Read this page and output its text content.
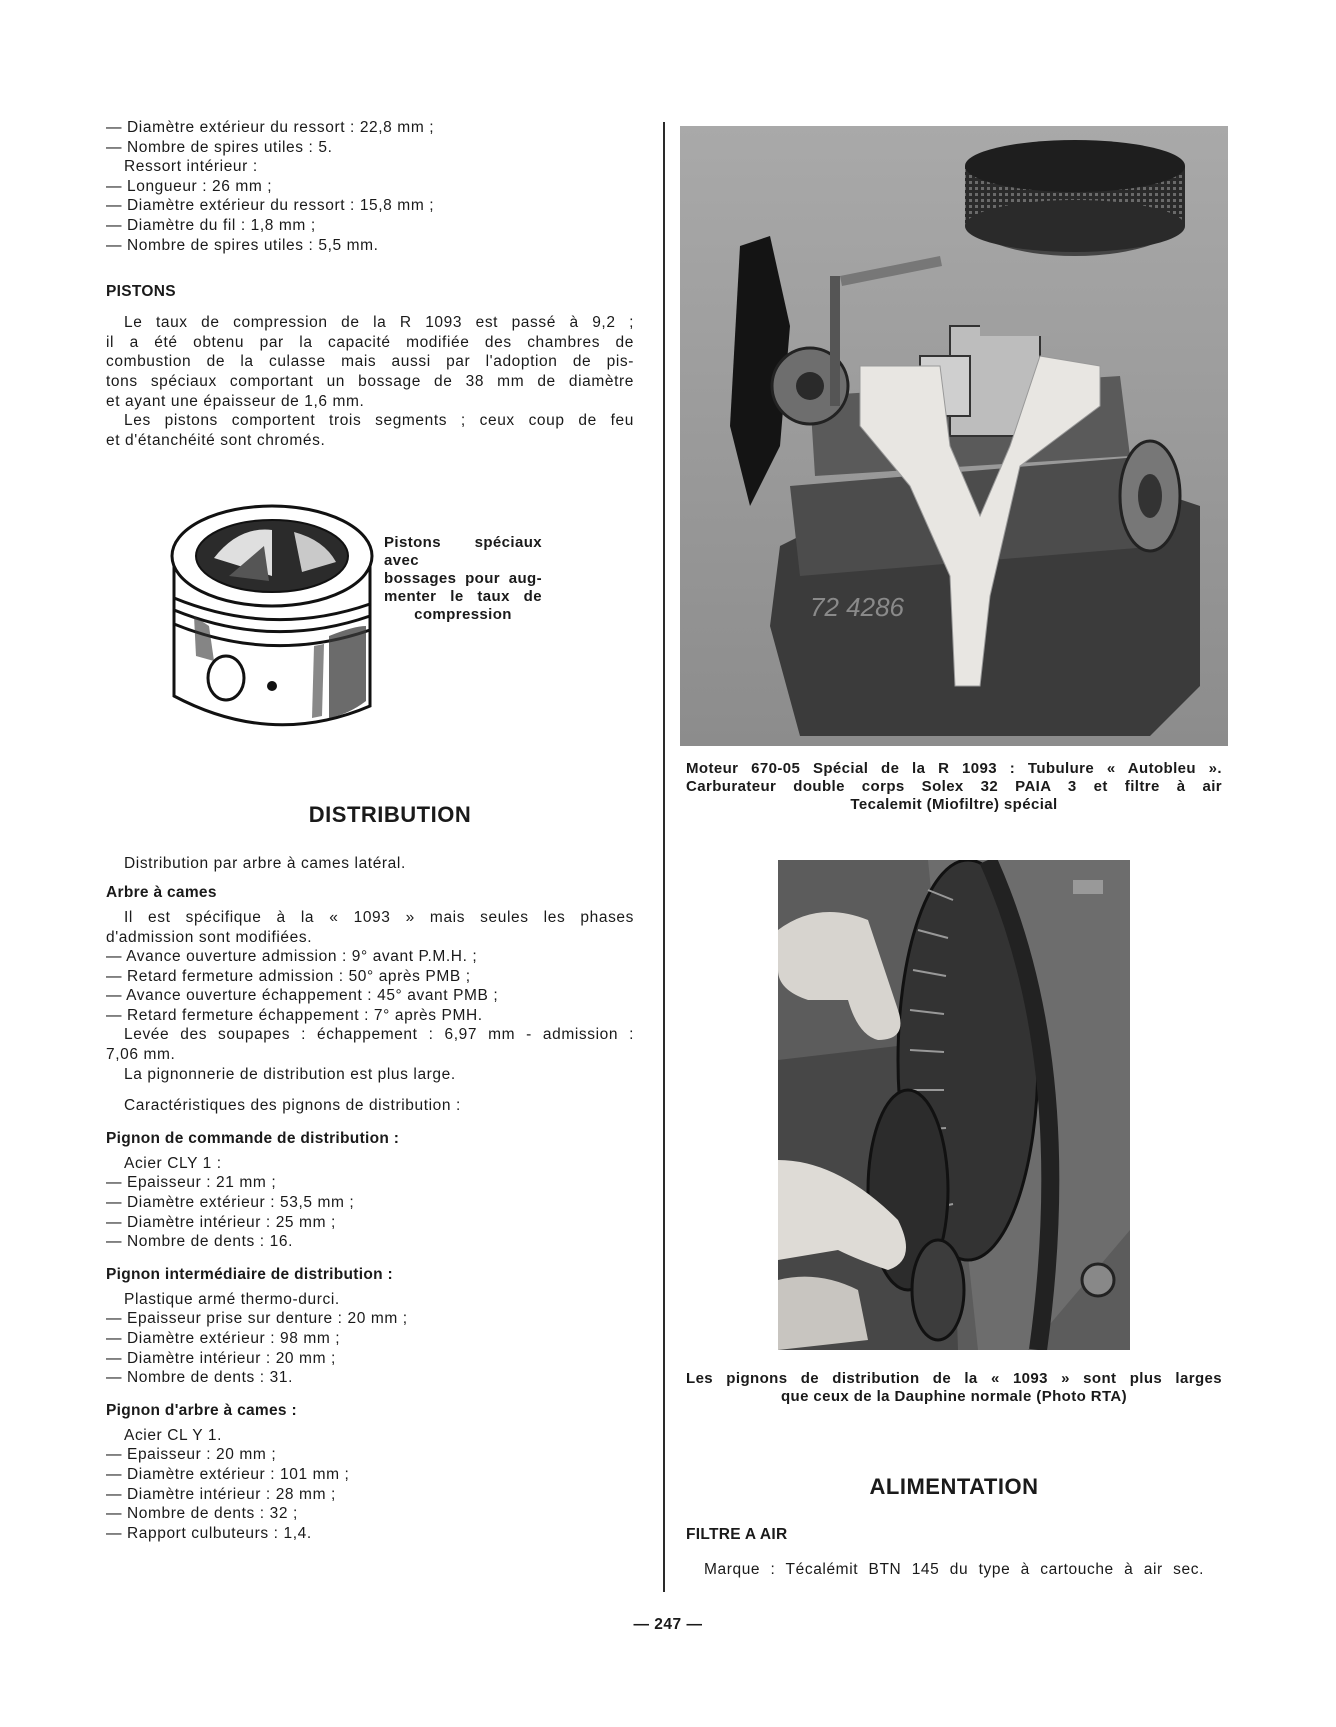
— Diamètre extérieur du ressort : 22,8 mm ;
— Nombre de spires utiles : 5.
Ressort intérieur :
— Longueur : 26 mm ;
— Diamètre extérieur du ressort : 15,8 mm ;
— Diamètre du fil : 1,8 mm ;
— Nombre de spires utiles : 5,5 mm.
PISTONS
Le taux de compression de la R 1093 est passé à 9,2 ;
il a été obtenu par la capacité modifiée des chambres de
combustion de la culasse mais aussi par l'adoption de pis-
tons spéciaux comportant un bossage de 38 mm de diamètre
et ayant une épaisseur de 1,6 mm.
Les pistons comportent trois segments ; ceux coup de feu
et d'étanchéité sont chromés.
Pistons spéciaux avec
bossages pour aug-
menter le taux de
compression
DISTRIBUTION
Distribution par arbre à cames latéral.
Arbre à cames
Il est spécifique à la « 1093 » mais seules les phases
d'admission sont modifiées.
— Avance ouverture admission : 9° avant P.M.H. ;
— Retard fermeture admission : 50° après PMB ;
— Avance ouverture échappement : 45° avant PMB ;
— Retard fermeture échappement : 7° après PMH.
Levée des soupapes : échappement : 6,97 mm - admission :
7,06 mm.
La pignonnerie de distribution est plus large.
Caractéristiques des pignons de distribution :
Pignon de commande de distribution :
Acier CLY 1 :
— Epaisseur : 21 mm ;
— Diamètre extérieur : 53,5 mm ;
— Diamètre intérieur : 25 mm ;
— Nombre de dents : 16.
Pignon intermédiaire de distribution :
Plastique armé thermo-durci.
— Epaisseur prise sur denture : 20 mm ;
— Diamètre extérieur : 98 mm ;
— Diamètre intérieur : 20 mm ;
— Nombre de dents : 31.
Pignon d'arbre à cames :
Acier CL Y 1.
— Epaisseur : 20 mm ;
— Diamètre extérieur : 101 mm ;
— Diamètre intérieur : 28 mm ;
— Nombre de dents : 32 ;
— Rapport culbuteurs : 1,4.
72 4286
Moteur 670-05 Spécial de la R 1093 : Tubulure « Autobleu ».
Carburateur double corps Solex 32 PAIA 3 et filtre à air
Tecalemit (Miofiltre) spécial
Les pignons de distribution de la « 1093 » sont plus larges
que ceux de la Dauphine normale (Photo RTA)
ALIMENTATION
FILTRE A AIR
Marque : Técalémit BTN 145 du type à cartouche à air sec.
— 247 —
